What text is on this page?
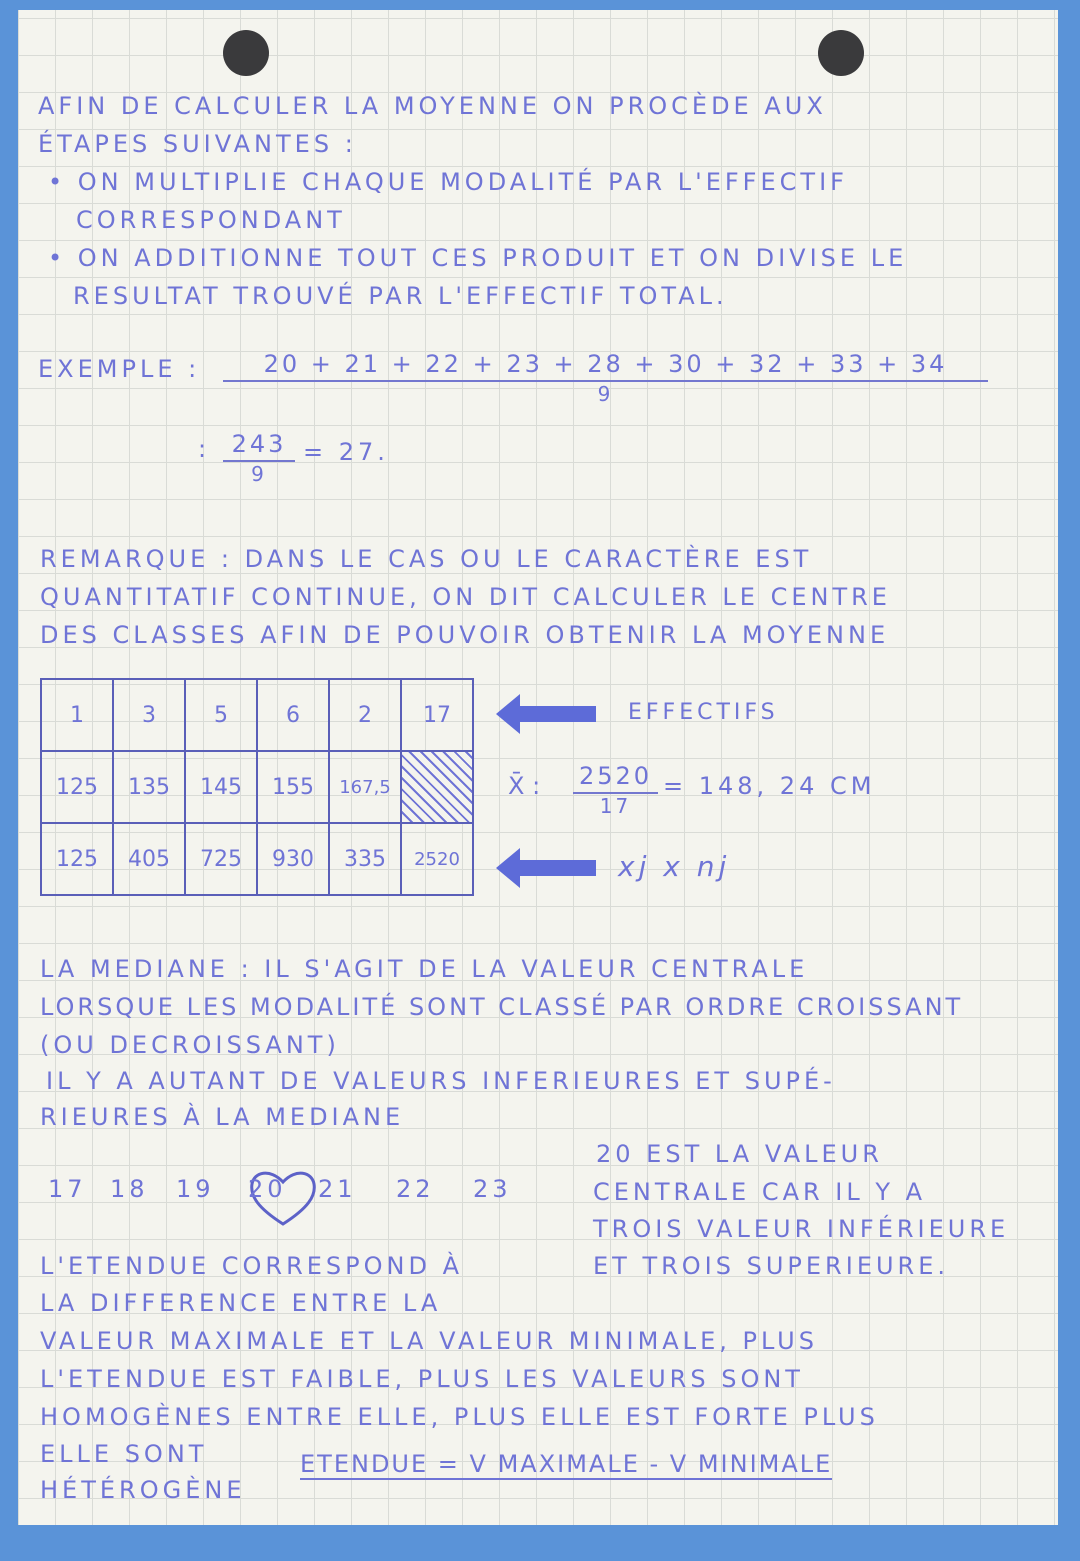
AFIN DE CALCULER LA MOYENNE ON PROCÈDE AUX
ÉTAPES SUIVANTES :
• ON MULTIPLIE CHAQUE MODALITÉ PAR L'EFFECTIF
CORRESPONDANT
• ON ADDITIONNE TOUT CES PRODUIT ET ON DIVISE LE
RESULTAT TROUVÉ PAR L'EFFECTIF TOTAL.
EXEMPLE :	20 + 21 + 22 + 23 + 28 + 30 + 32 + 33 + 34
9
: 243
9
= 27.
REMARQUE : DANS LE CAS OU LE CARACTÈRE EST
QUANTITATIF CONTINUE, ON DIT CALCULER LE CENTRE
DES CLASSES AFIN DE POUVOIR OBTENIR LA MOYENNE
1	3	5	6	2	17
125	135	145	155	167,5	
125	405	725	930	335	2520
EFFECTIFS
X̄ : 2520
17
= 148, 24 CM
xj x nj
LA MEDIANE : IL S'AGIT DE LA VALEUR CENTRALE
LORSQUE LES MODALITÉ SONT CLASSÉ PAR ORDRE CROISSANT
(OU DECROISSANT)
IL Y A AUTANT DE VALEURS INFERIEURES ET SUPÉ-
RIEURES À LA MEDIANE
17 18 19 20 21 22 23
20 EST LA VALEUR
CENTRALE CAR IL Y A
TROIS VALEUR INFÉRIEURE
ET TROIS SUPERIEURE.
L'ETENDUE CORRESPOND À
LA DIFFERENCE ENTRE LA
VALEUR MAXIMALE ET LA VALEUR MINIMALE, PLUS
L'ETENDUE EST FAIBLE, PLUS LES VALEURS SONT
HOMOGÈNES ENTRE ELLE, PLUS ELLE EST FORTE PLUS
ELLE SONT
HÉTÉROGÈNE
ETENDUE = V MAXIMALE - V MINIMALE
